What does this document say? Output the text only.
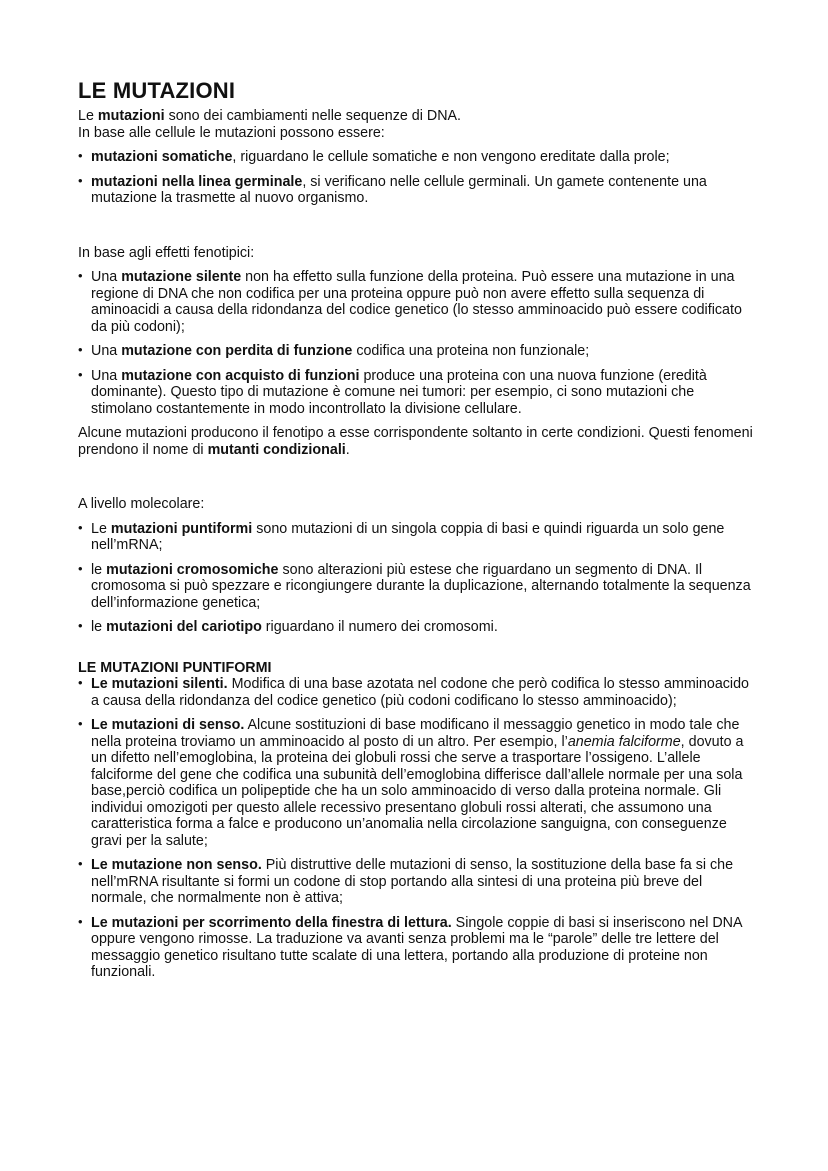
LE MUTAZIONI

Le mutazioni sono dei cambiamenti nelle sequenze di DNA.

In base alle cellule le mutazioni possono essere:

• mutazioni somatiche, riguardano le cellule somatiche e non vengono ereditate dalla prole;
• mutazioni nella linea germinale, si verificano nelle cellule germinali. Un gamete contenente una mutazione la trasmette al nuovo organismo.

In base agli effetti fenotipici:

• Una mutazione silente non ha effetto sulla funzione della proteina. Può essere una mutazione in una regione di DNA che non codifica per una proteina oppure può non avere effetto sulla sequenza di aminoacidi a causa della ridondanza del codice genetico (lo stesso amminoacido può essere codificato da più codoni);
• Una mutazione con perdita di funzione codifica una proteina non funzionale;
• Una mutazione con acquisto di funzioni produce una proteina con una nuova funzione (eredità dominante). Questo tipo di mutazione è comune nei tumori: per esempio, ci sono mutazioni che stimolano costantemente in modo incontrollato la divisione cellulare.

Alcune mutazioni producono il fenotipo a esse corrispondente soltanto in certe condizioni. Questi fenomeni prendono il nome di mutanti condizionali.

A livello molecolare:

• Le mutazioni puntiformi sono mutazioni di un singola coppia di basi e quindi riguarda un solo gene nell’mRNA;
• le mutazioni cromosomiche sono alterazioni più estese che riguardano un segmento di DNA. Il cromosoma si può spezzare e ricongiungere durante la duplicazione, alternando totalmente la sequenza dell’informazione genetica;
• le mutazioni del cariotipo riguardano il numero dei cromosomi.
LE MUTAZIONI PUNTIFORMI
• Le mutazioni silenti. Modifica di una base azotata nel codone che però codifica lo stesso amminoacido a causa della ridondanza del codice genetico (più codoni codificano lo stesso amminoacido);
• Le mutazioni di senso. Alcune sostituzioni di base modificano il messaggio genetico in modo tale che nella proteina troviamo un amminoacido al posto di un altro. Per esempio, l’anemia falciforme, dovuto a un difetto nell’emoglobina, la proteina dei globuli rossi che serve a trasportare l’ossigeno. L’allele falciforme del gene che codifica una subunità dell’emoglobina differisce dall’allele normale per una sola base,perciò codifica un polipeptide che ha un solo amminoacido di verso dalla proteina normale. Gli individui omozigoti per questo allele recessivo presentano globuli rossi alterati, che assumono una caratteristica forma a falce e producono un’anomalia nella circolazione sanguigna, con conseguenze gravi per la salute;
• Le mutazione non senso. Più distruttive delle mutazioni di senso, la sostituzione della base fa si che nell’mRNA risultante si formi un codone di stop portando alla sintesi di una proteina più breve del normale, che normalmente non è attiva;
• Le mutazioni per scorrimento della finestra di lettura. Singole coppie di basi si inseriscono nel DNA oppure vengono rimosse. La traduzione va avanti senza problemi ma le “parole” delle tre lettere del messaggio genetico risultano tutte scalate di una lettera, portando alla produzione di proteine non funzionali.
